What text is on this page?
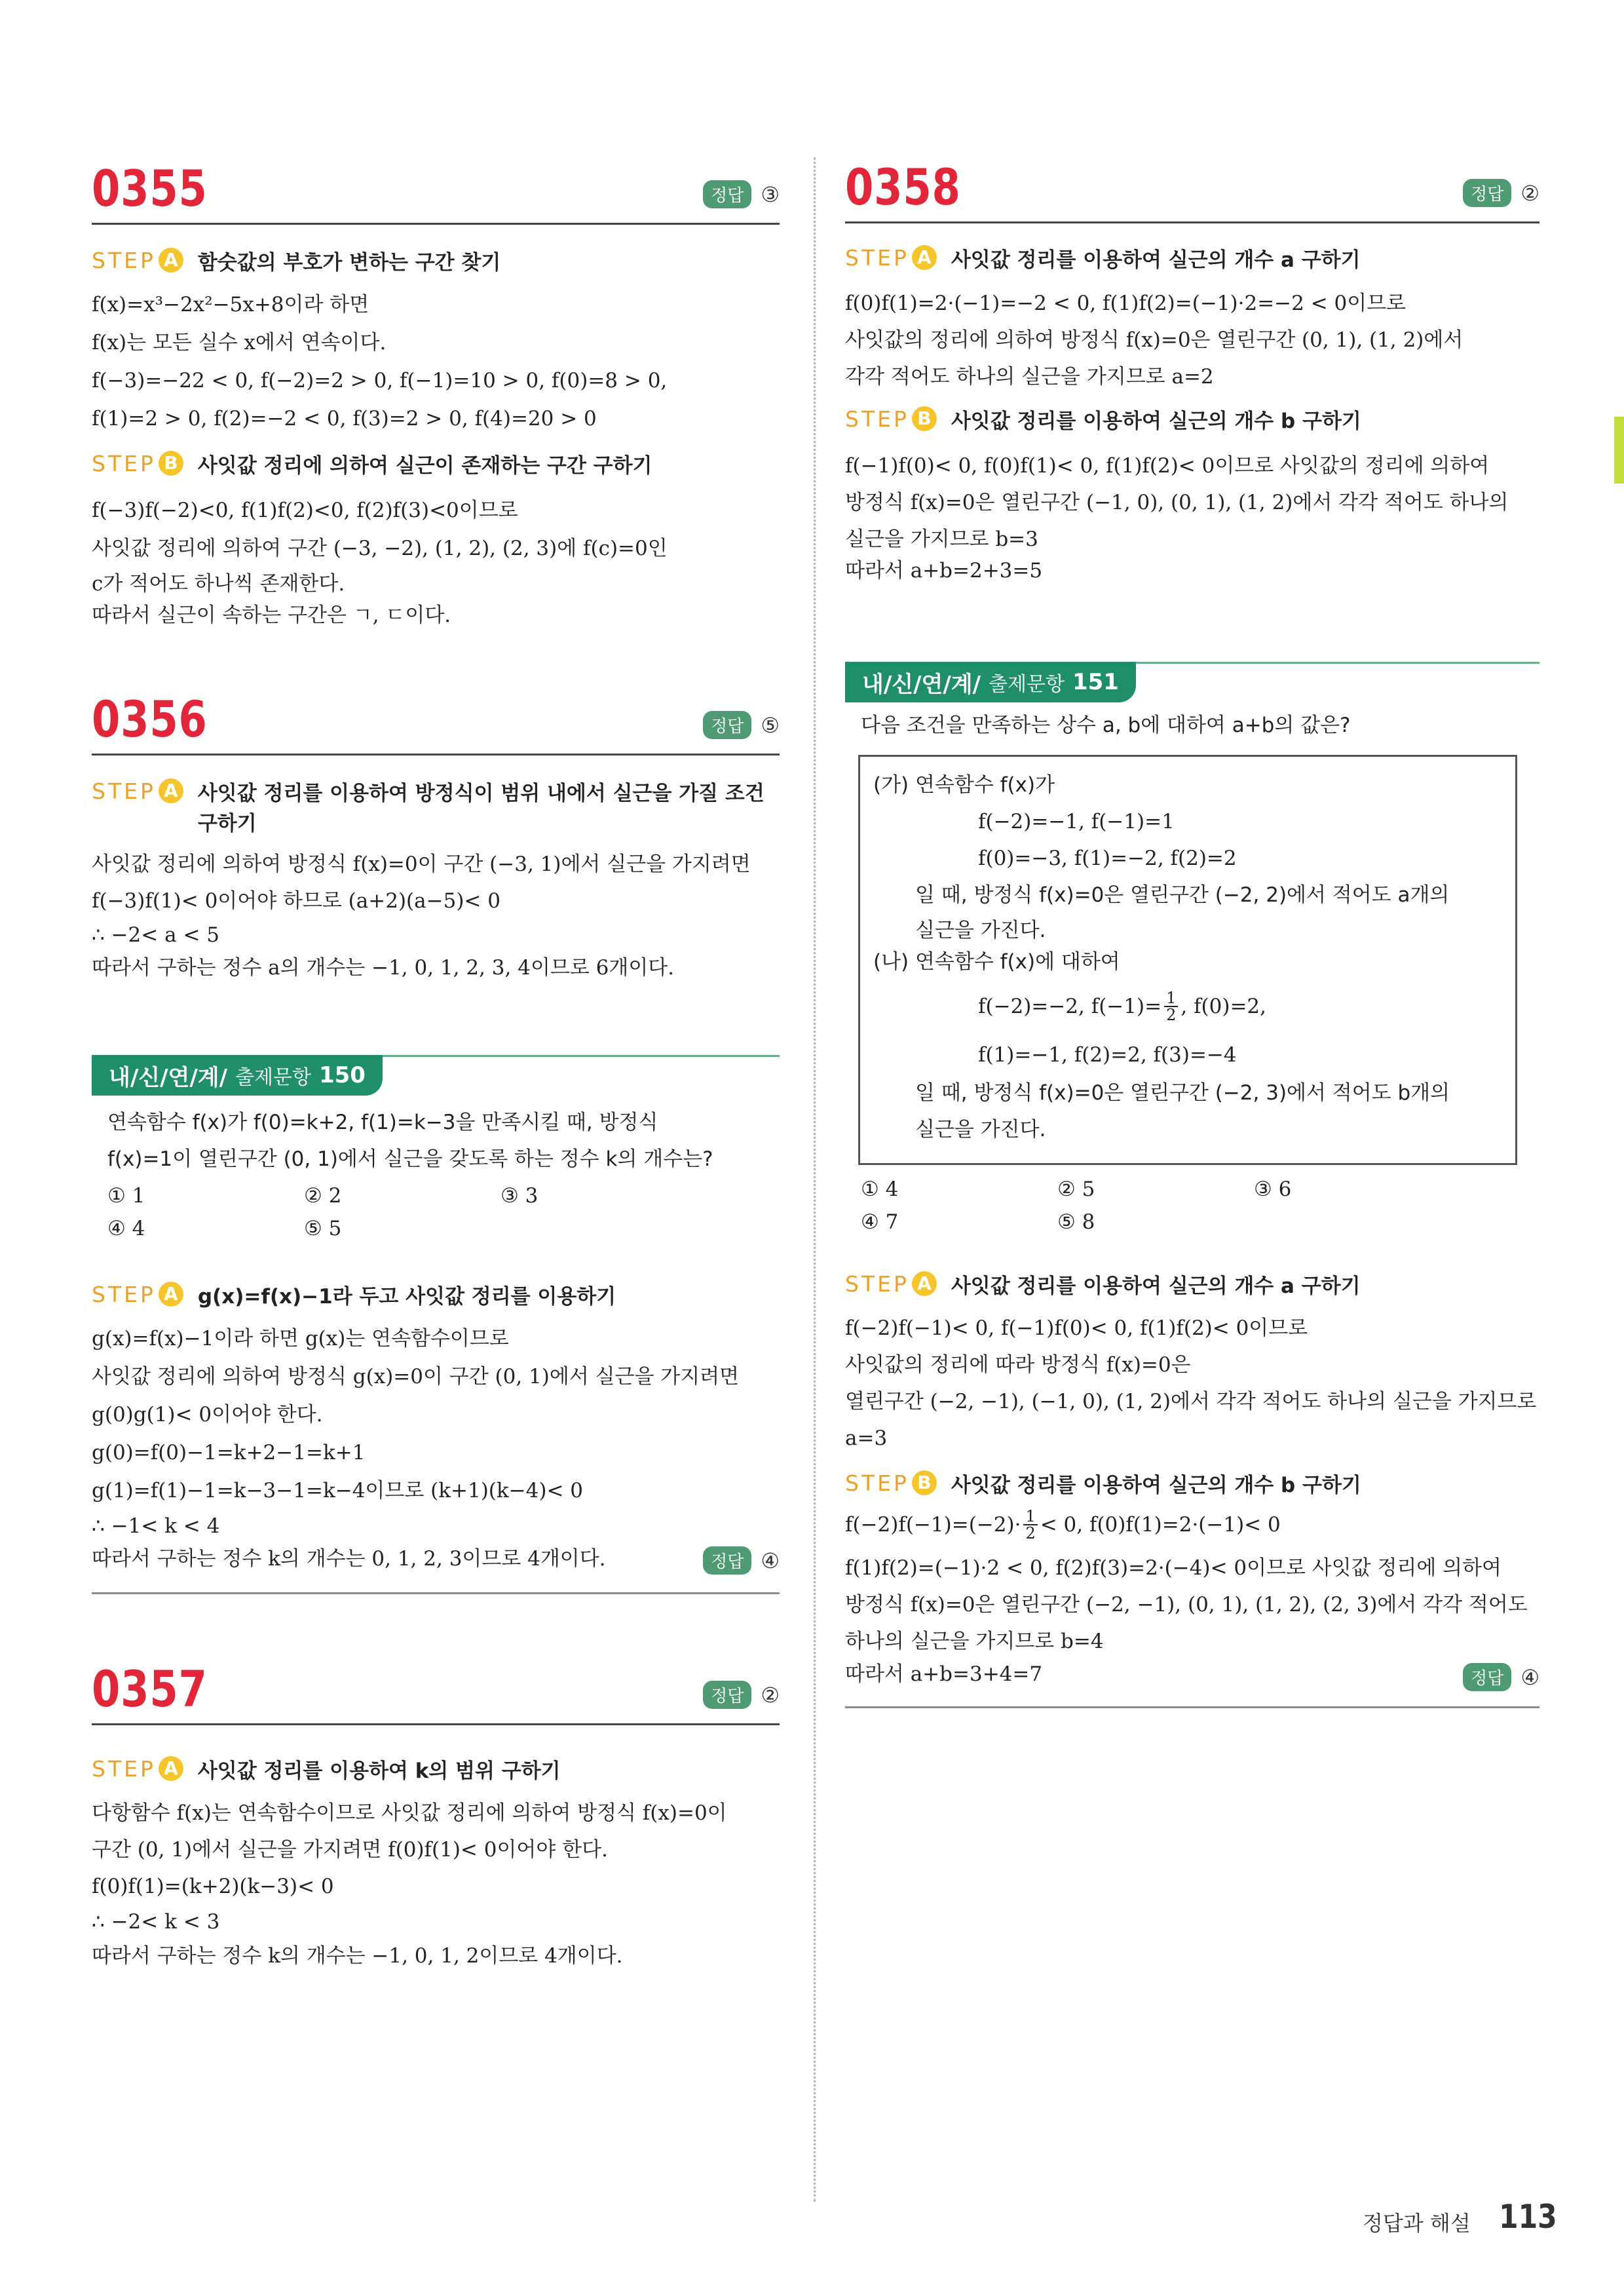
0355	정답 ③
STEP A 함숫값의 부호가 변하는 구간 찾기
f(x)=x³−2x²−5x+8이라 하면
f(x)는 모든 실수 x에서 연속이다.
f(−3)=−22 < 0, f(−2)=2 > 0, f(−1)=10 > 0, f(0)=8 > 0,
f(1)=2 > 0, f(2)=−2 < 0, f(3)=2 > 0, f(4)=20 > 0
STEP B 사잇값 정리에 의하여 실근이 존재하는 구간 구하기
f(−3)f(−2)<0, f(1)f(2)<0, f(2)f(3)<0이므로
사잇값 정리에 의하여 구간 (−3, −2), (1, 2), (2, 3)에 f(c)=0인
c가 적어도 하나씩 존재한다.
따라서 실근이 속하는 구간은 ㄱ, ㄷ이다.
0356	정답 ⑤
STEP A 사잇값 정리를 이용하여 방정식이 범위 내에서 실근을 가질 조건
구하기
사잇값 정리에 의하여 방정식 f(x)=0이 구간 (−3, 1)에서 실근을 가지려면
f(−3)f(1)< 0이어야 하므로 (a+2)(a−5)< 0
∴ −2< a < 5
따라서 구하는 정수 a의 개수는 −1, 0, 1, 2, 3, 4이므로 6개이다.
내/신/연/계/ 출제문항 150
연속함수 f(x)가 f(0)=k+2, f(1)=k−3을 만족시킬 때, 방정식
f(x)=1이 열린구간 (0, 1)에서 실근을 갖도록 하는 정수 k의 개수는?
① 1	② 2	③ 3
④ 4	⑤ 5
STEP A g(x)=f(x)−1라 두고 사잇값 정리를 이용하기
g(x)=f(x)−1이라 하면 g(x)는 연속함수이므로
사잇값 정리에 의하여 방정식 g(x)=0이 구간 (0, 1)에서 실근을 가지려면
g(0)g(1)< 0이어야 한다.
g(0)=f(0)−1=k+2−1=k+1
g(1)=f(1)−1=k−3−1=k−4이므로 (k+1)(k−4)< 0
∴ −1< k < 4
따라서 구하는 정수 k의 개수는 0, 1, 2, 3이므로 4개이다.	정답 ④
0357	정답 ②
STEP A 사잇값 정리를 이용하여 k의 범위 구하기
다항함수 f(x)는 연속함수이므로 사잇값 정리에 의하여 방정식 f(x)=0이
구간 (0, 1)에서 실근을 가지려면 f(0)f(1)< 0이어야 한다.
f(0)f(1)=(k+2)(k−3)< 0
∴ −2< k < 3
따라서 구하는 정수 k의 개수는 −1, 0, 1, 2이므로 4개이다.
0358	정답 ②
STEP A 사잇값 정리를 이용하여 실근의 개수 a 구하기
f(0)f(1)=2·(−1)=−2 < 0, f(1)f(2)=(−1)·2=−2 < 0이므로
사잇값의 정리에 의하여 방정식 f(x)=0은 열린구간 (0, 1), (1, 2)에서
각각 적어도 하나의 실근을 가지므로 a=2
STEP B 사잇값 정리를 이용하여 실근의 개수 b 구하기
f(−1)f(0)< 0, f(0)f(1)< 0, f(1)f(2)< 0이므로 사잇값의 정리에 의하여
방정식 f(x)=0은 열린구간 (−1, 0), (0, 1), (1, 2)에서 각각 적어도 하나의
실근을 가지므로 b=3
따라서 a+b=2+3=5
내/신/연/계/ 출제문항 151
다음 조건을 만족하는 상수 a, b에 대하여 a+b의 값은?
(가) 연속함수 f(x)가
f(−2)=−1, f(−1)=1
f(0)=−3, f(1)=−2, f(2)=2
일 때, 방정식 f(x)=0은 열린구간 (−2, 2)에서 적어도 a개의
실근을 가진다.
(나) 연속함수 f(x)에 대하여
f(−2)=−2, $f(-1)= \frac{1}{2}$ , f(0)=2,
f(1)=−1, f(2)=2, f(3)=−4
일 때, 방정식 f(x)=0은 열린구간 (−2, 3)에서 적어도 b개의
실근을 가진다.
① 4	② 5	③ 6
④ 7	⑤ 8
STEP A 사잇값 정리를 이용하여 실근의 개수 a 구하기
f(−2)f(−1)< 0, f(−1)f(0)< 0, f(1)f(2)< 0이므로
사잇값의 정리에 따라 방정식 f(x)=0은
열린구간 (−2, −1), (−1, 0), (1, 2)에서 각각 적어도 하나의 실근을 가지므로
a=3
STEP B 사잇값 정리를 이용하여 실근의 개수 b 구하기
$f(-2)f(-1)=(-2)\cdot \frac{1}{2} < 0$, f(0)f(1)=2·(−1)< 0
f(1)f(2)=(−1)·2 < 0, f(2)f(3)=2·(−4)< 0이므로 사잇값 정리에 의하여
방정식 f(x)=0은 열린구간 (−2, −1), (0, 1), (1, 2), (2, 3)에서 각각 적어도
하나의 실근을 가지므로 b=4
따라서 a+b=3+4=7	정답 ④
정답과 해설 113
